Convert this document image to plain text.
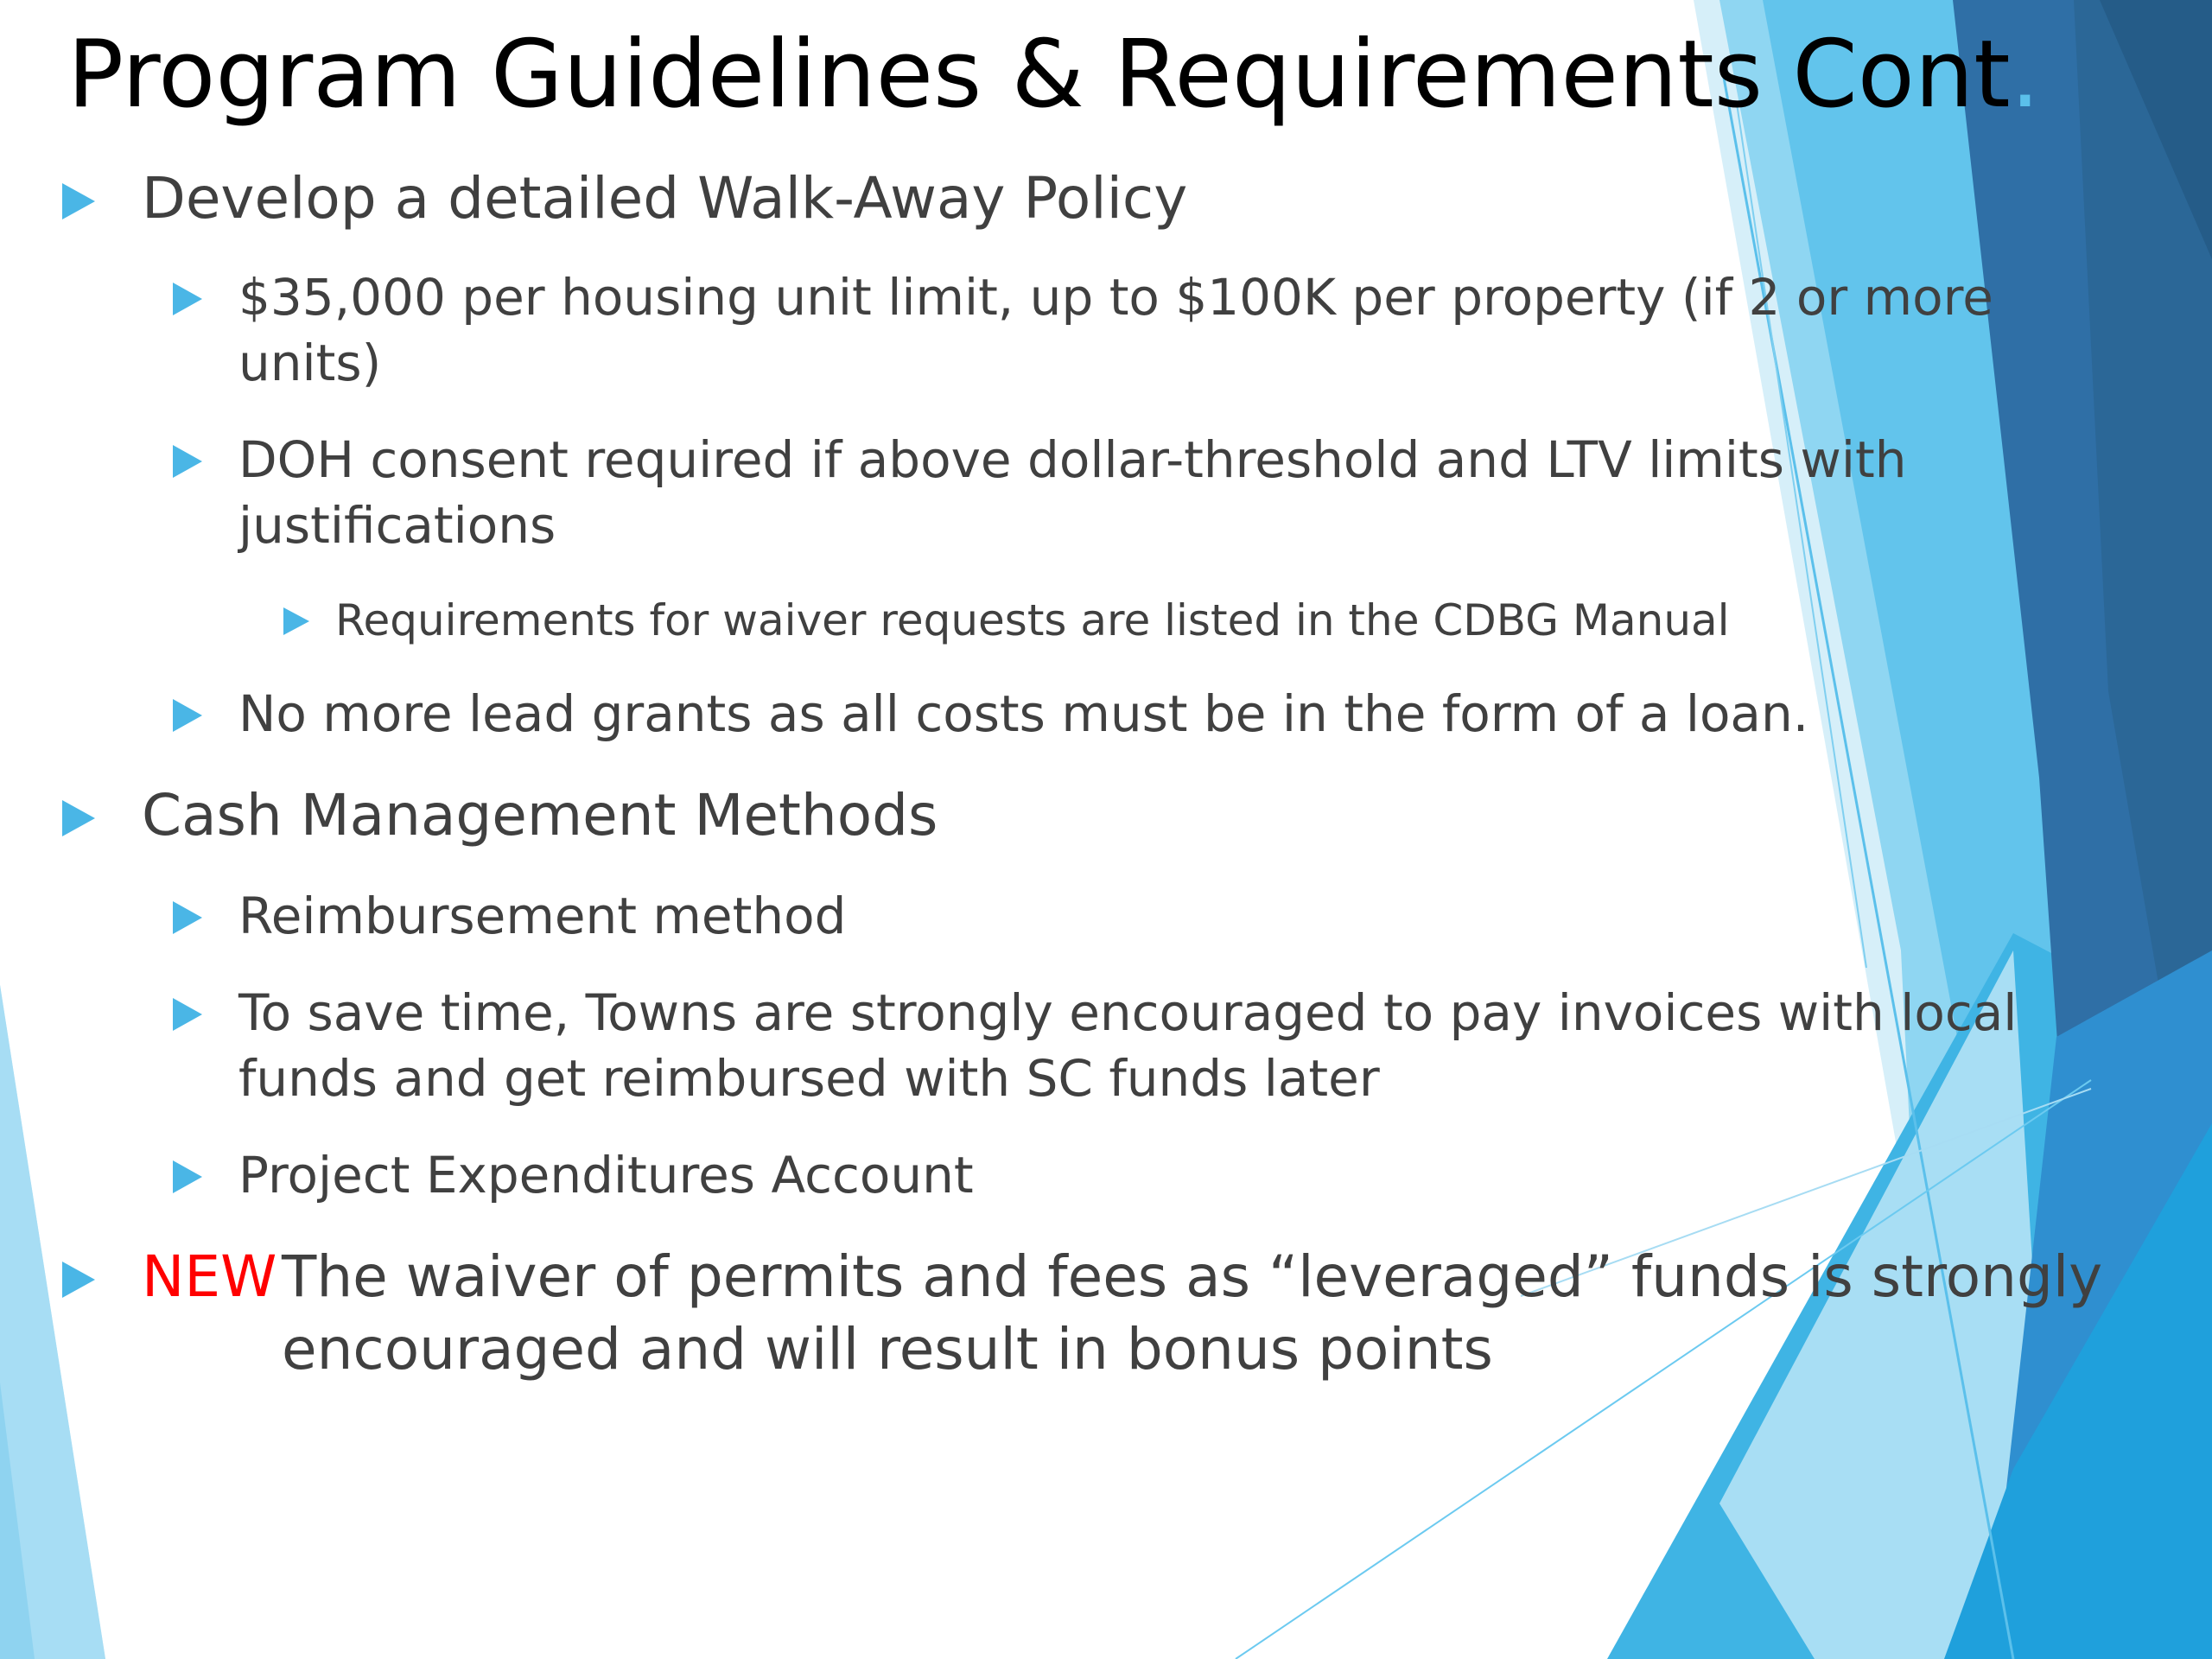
Program Guidelines & Requirements Cont.
Develop a detailed Walk-Away Policy
$35,000 per housing unit limit, up to $100K per property (if 2 or more
units)
DOH consent required if above dollar-threshold and LTV limits with
justifications
Requirements for waiver requests are listed in the CDBG Manual
No more lead grants as all costs must be in the form of a loan.
Cash Management Methods
Reimbursement method
To save time, Towns are strongly encouraged to pay invoices with local
funds and get reimbursed with SC funds later
Project Expenditures Account
NEW The waiver of permits and fees as “leveraged” funds is strongly
encouraged and will result in bonus points
